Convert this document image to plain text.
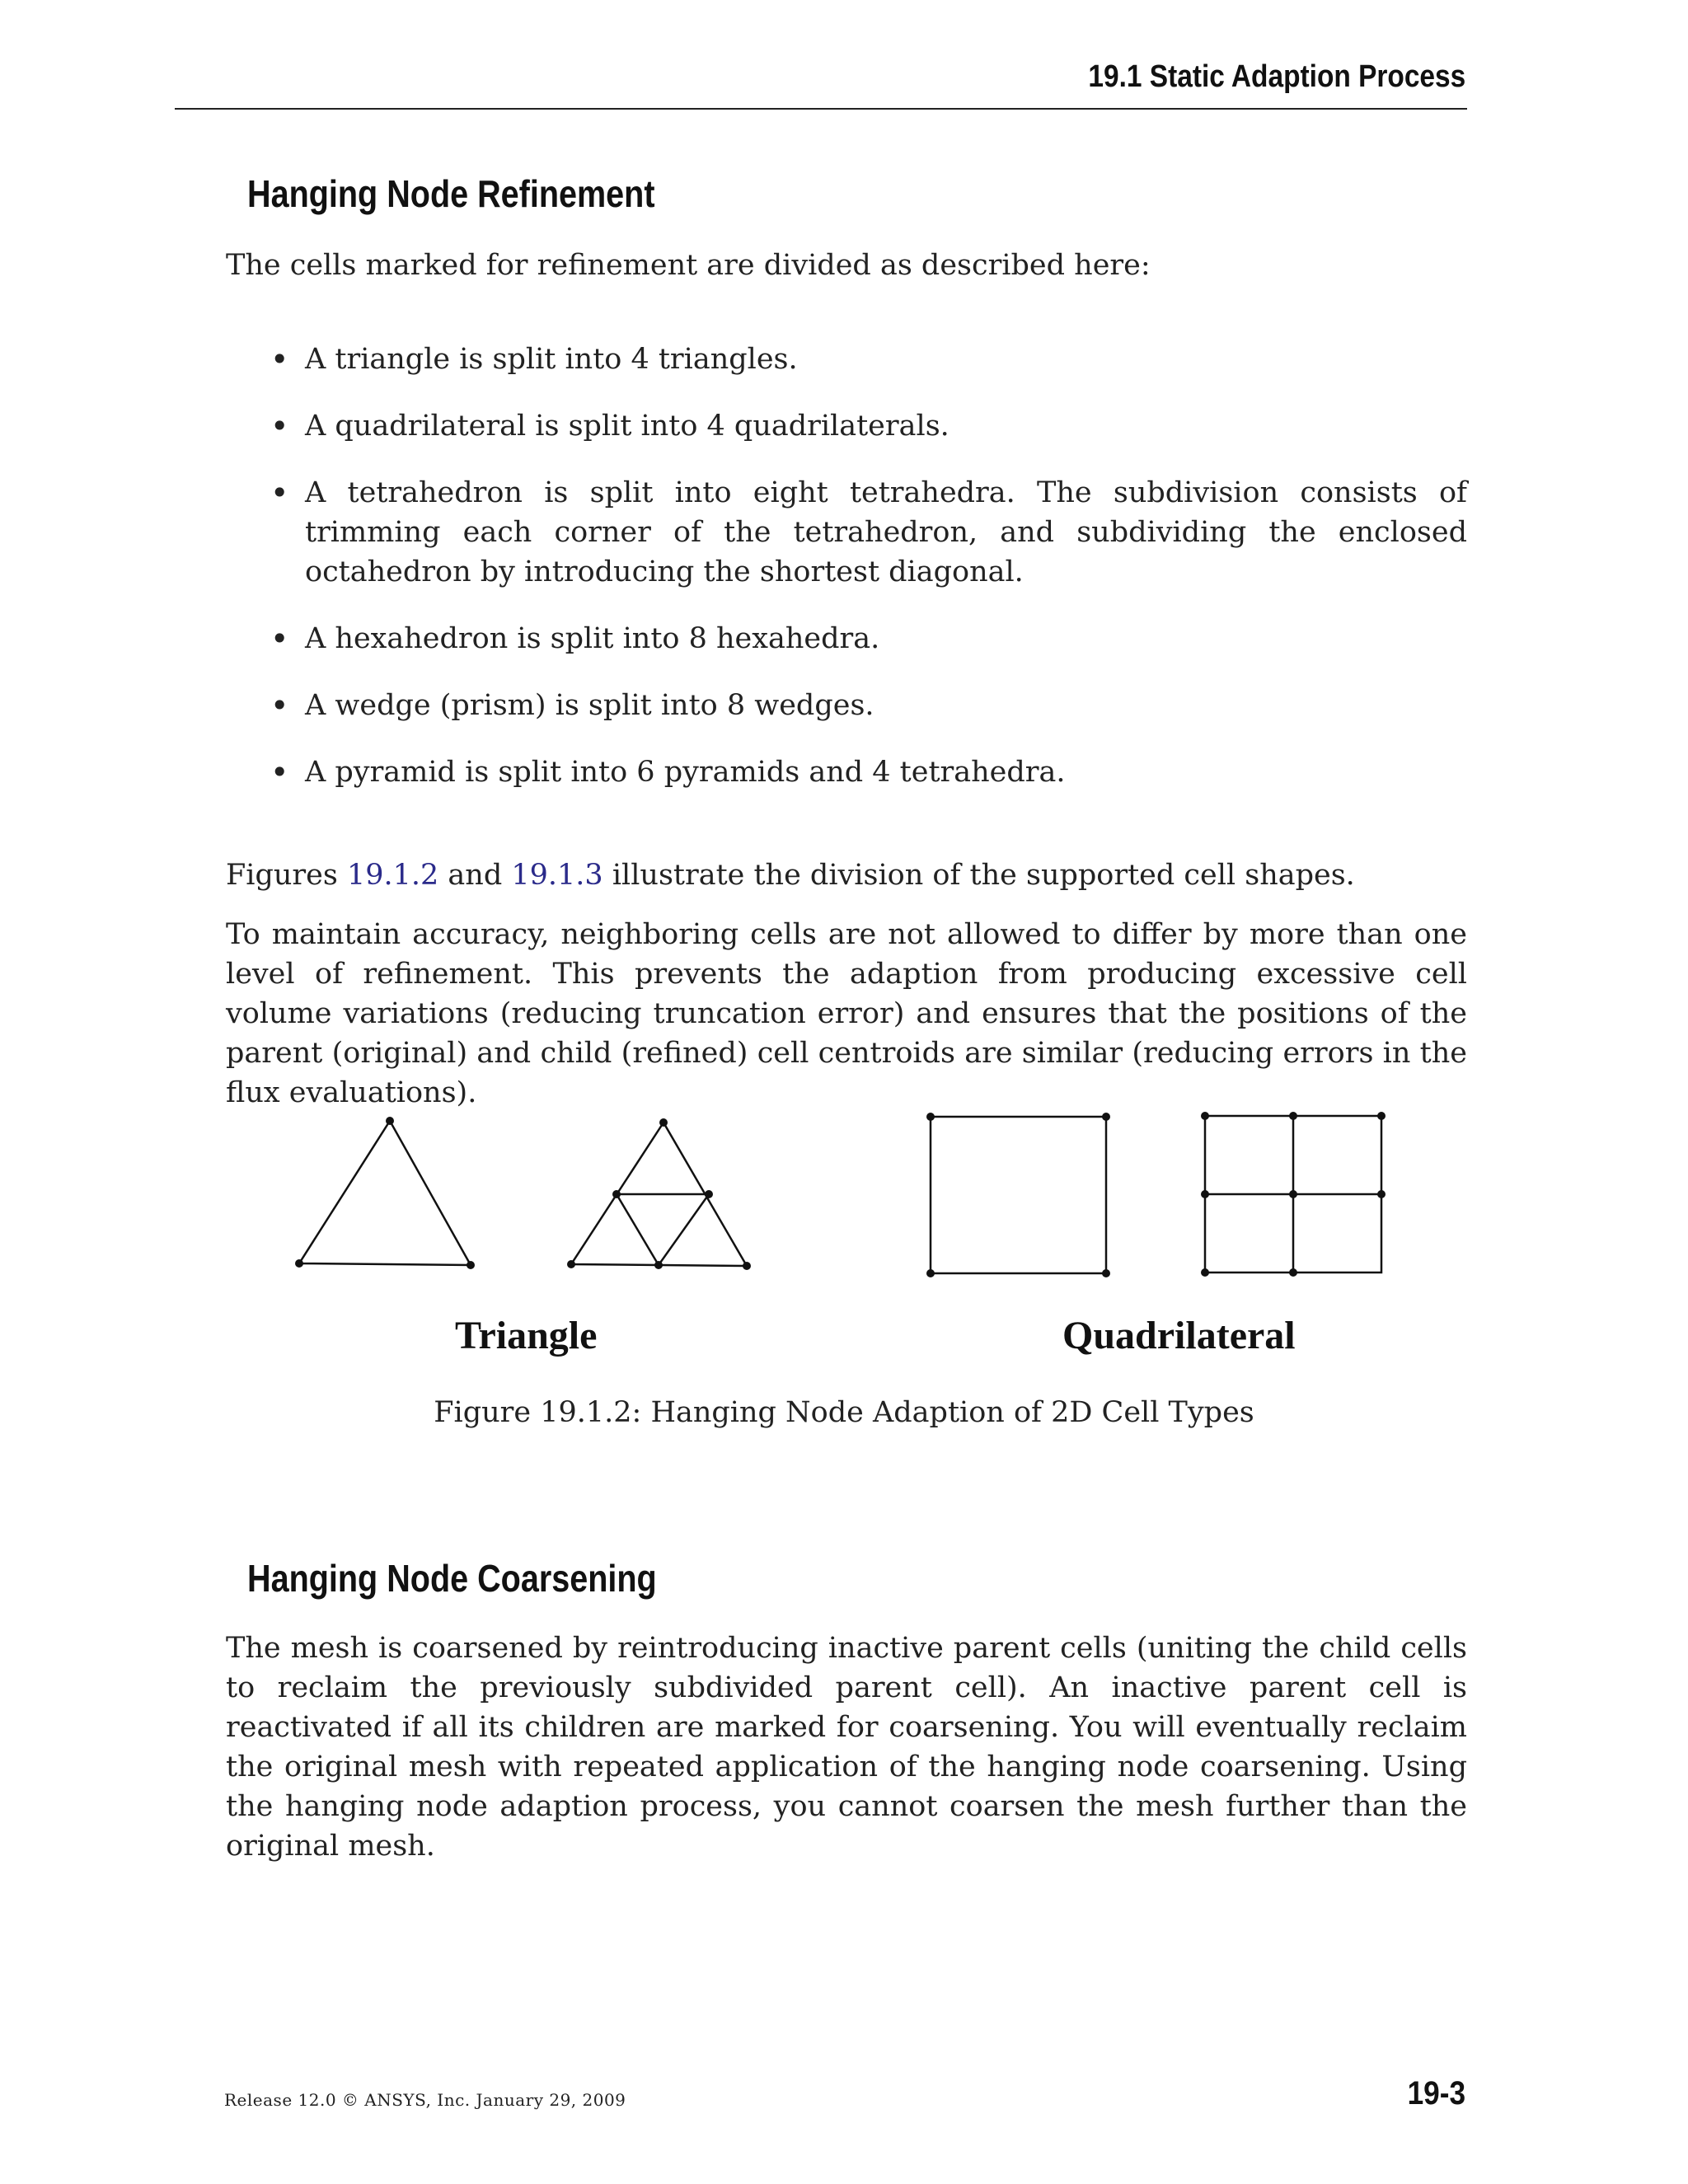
19.1 Static Adaption Process
Hanging Node Refinement

The cells marked for refinement are divided as described here:

• A triangle is split into 4 triangles.
• A quadrilateral is split into 4 quadrilaterals.
• A tetrahedron is split into eight tetrahedra. The subdivision consists of trimming each corner of the tetrahedron, and subdividing the enclosed octahedron by introducing the shortest diagonal.
• A hexahedron is split into 8 hexahedra.
• A wedge (prism) is split into 8 wedges.
• A pyramid is split into 6 pyramids and 4 tetrahedra.

Figures 19.1.2 and 19.1.3 illustrate the division of the supported cell shapes.

To maintain accuracy, neighboring cells are not allowed to differ by more than one level of refinement. This prevents the adaption from producing excessive cell volume variations (reducing truncation error) and ensures that the positions of the parent (original) and child (refined) cell centroids are similar (reducing errors in the flux evaluations).

Triangle	Quadrilateral
Figure 19.1.2: Hanging Node Adaption of 2D Cell Types
Hanging Node Coarsening

The mesh is coarsened by reintroducing inactive parent cells (uniting the child cells to reclaim the previously subdivided parent cell). An inactive parent cell is reactivated if all its children are marked for coarsening. You will eventually reclaim the original mesh with repeated application of the hanging node coarsening. Using the hanging node adaption process, you cannot coarsen the mesh further than the original mesh.

Release 12.0 © ANSYS, Inc. January 29, 2009	19-3
